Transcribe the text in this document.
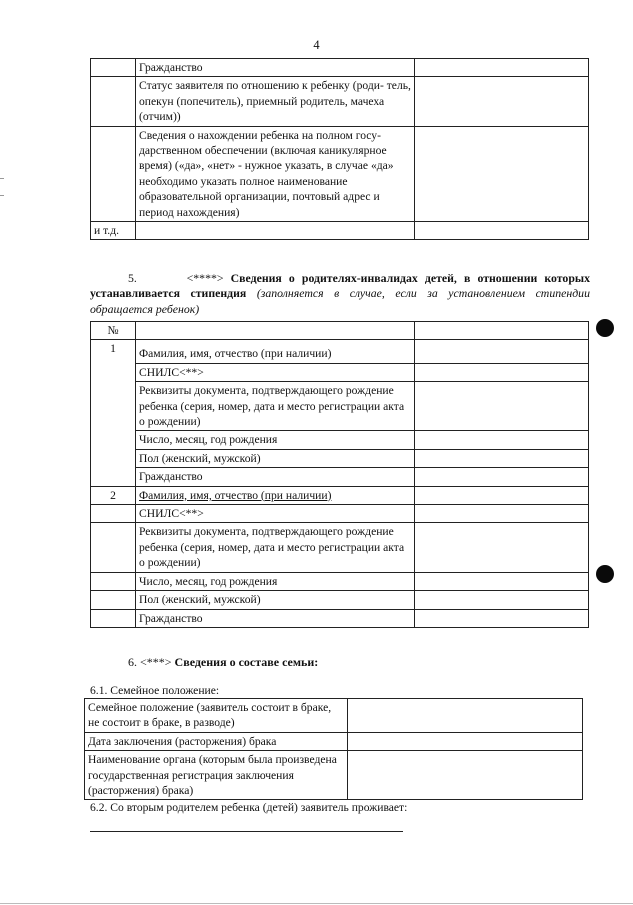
4
	Гражданство	
	Статус заявителя по отношению к ребенку (роди- тель, опекун (попечитель), приемный родитель, мачеха (отчим))	
	Сведения о нахождении ребенка на полном госу- дарственном обеспечении (включая каникулярное время) («да», «нет» - нужное указать, в случае «да» необходимо указать полное наименование образовательной организации, почтовый адрес и период нахождения)	
и т.д.		
5.	<****> Сведения о родителях-инвалидах детей, в отношении которых устанавливается стипендия (заполняется в случае, если за установлением стипендии обращается ребенок)
№		
1	Фамилия, имя, отчество (при наличии)	
	СНИЛС<**>	
	Реквизиты документа, подтверждающего рождение ребенка (серия, номер, дата и место регистрации акта о рождении)	
	Число, месяц, год рождения	
	Пол (женский, мужской)	
	Гражданство	
2	Фамилия, имя, отчество (при наличии)	
	СНИЛС<**>	
	Реквизиты документа, подтверждающего рождение ребенка (серия, номер, дата и место регистрации акта о рождении)	
	Число, месяц, год рождения	
	Пол (женский, мужской)	
	Гражданство	
6. <***> Сведения о составе семьи:
6.1. Семейное положение:
Семейное положение (заявитель состоит в браке, не состоит в браке, в разводе)	
Дата заключения (расторжения) брака	
Наименование органа (которым была произведена государственная регистрация заключения (расторжения) брака)	
6.2. Со вторым родителем ребенка (детей) заявитель проживает:
